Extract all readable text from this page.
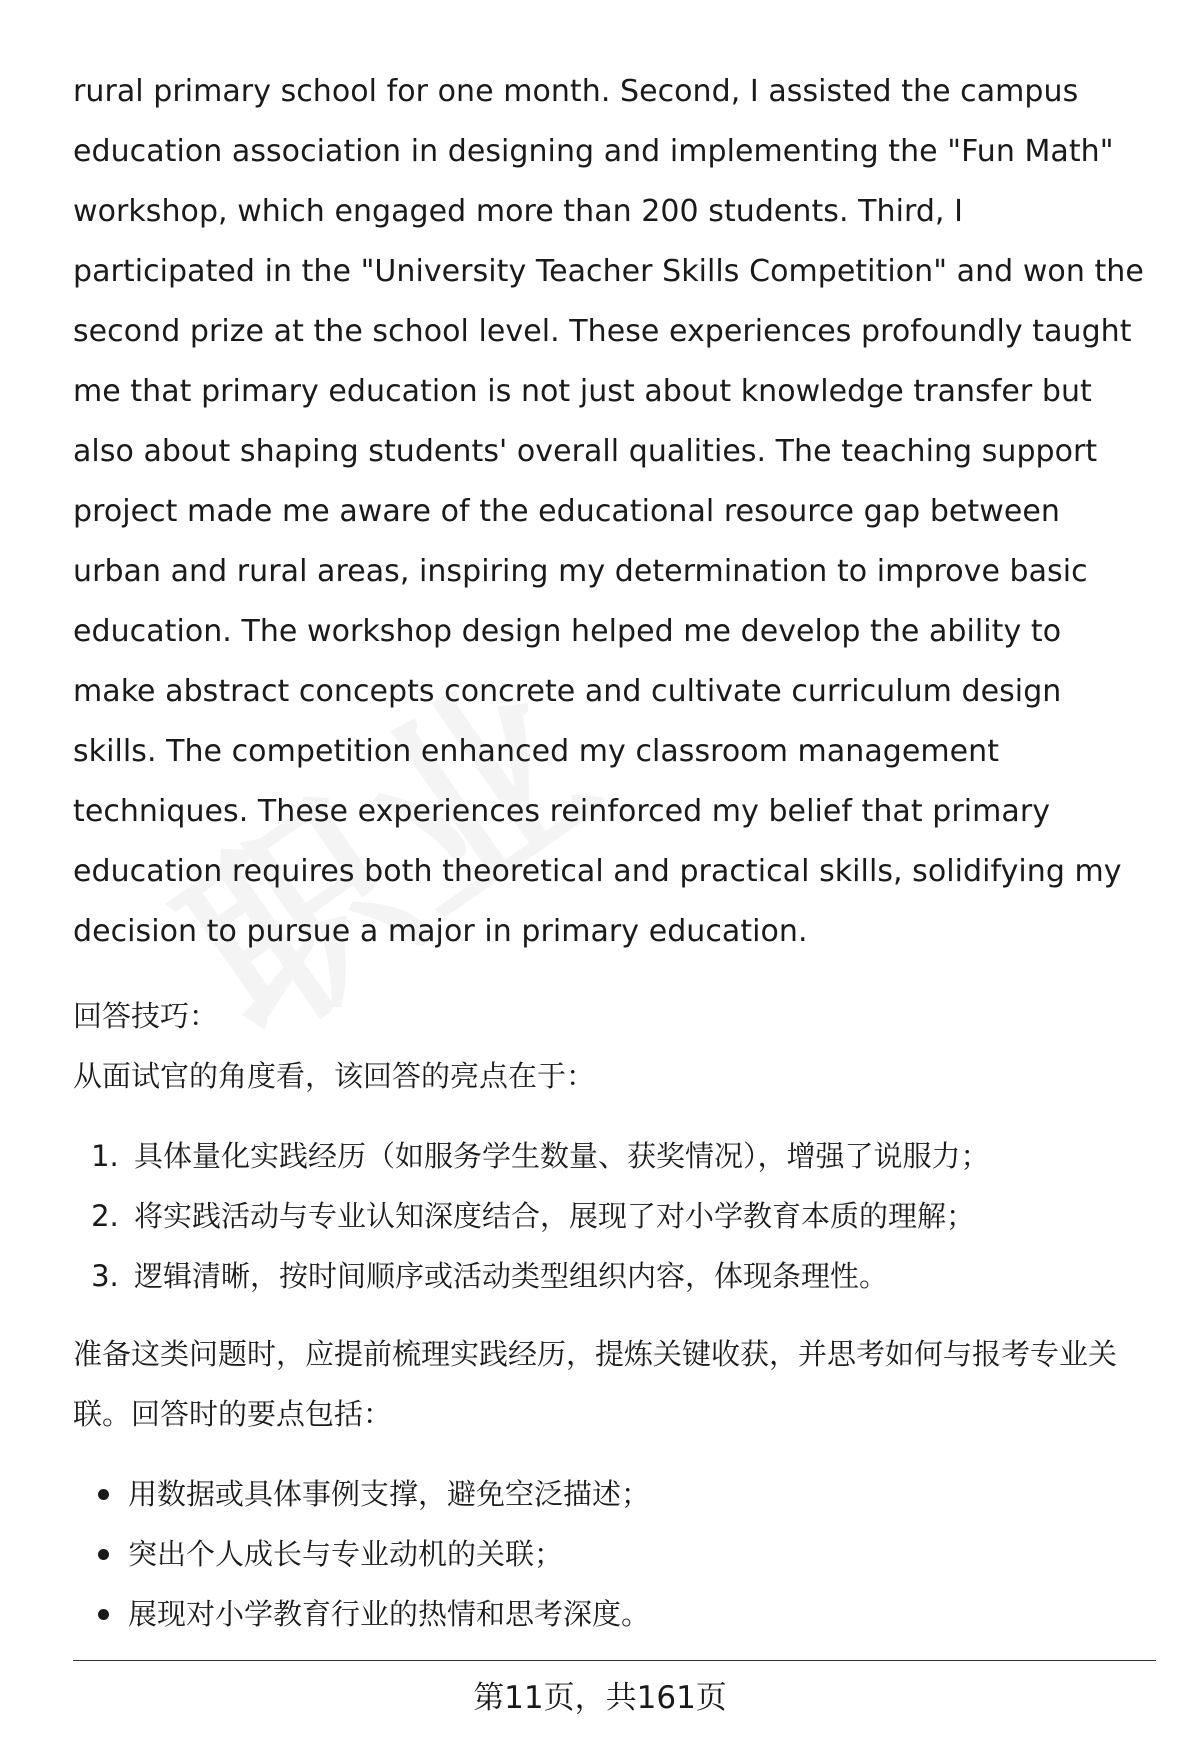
rural primary school for one month. Second, I assisted the campus education association in designing and implementing the "Fun Math" workshop, which engaged more than 200 students. Third, I participated in the "University Teacher Skills Competition" and won the second prize at the school level. These experiences profoundly taught me that primary education is not just about knowledge transfer but also about shaping students' overall qualities. The teaching support project made me aware of the educational resource gap between urban and rural areas, inspiring my determination to improve basic education. The workshop design helped me develop the ability to make abstract concepts concrete and cultivate curriculum design skills. The competition enhanced my classroom management techniques. These experiences reinforced my belief that primary education requires both theoretical and practical skills, solidifying my decision to pursue a major in primary education.

回答技巧：
从面试官的角度看，该回答的亮点在于：
1. 具体量化实践经历（如服务学生数量、获奖情况），增强了说服力；
2. 将实践活动与专业认知深度结合，展现了对小学教育本质的理解；
3. 逻辑清晰，按时间顺序或活动类型组织内容，体现条理性。

准备这类问题时，应提前梳理实践经历，提炼关键收获，并思考如何与报考专业关联。回答时的要点包括：

用数据或具体事例支撑，避免空泛描述；
突出个人成长与专业动机的关联；
展现对小学教育行业的热情和思考深度。
第11页，共161页
